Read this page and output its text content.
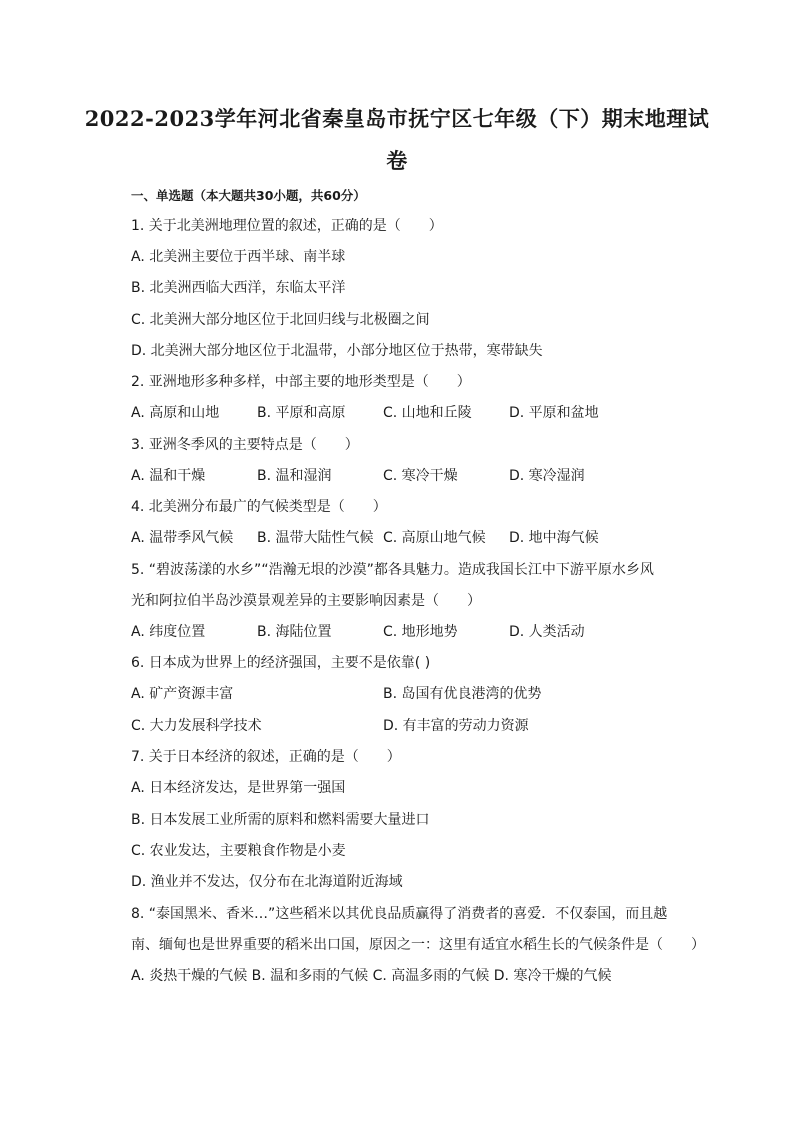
2022-2023学年河北省秦皇岛市抚宁区七年级（下）期末地理试
卷
一、单选题（本大题共30小题，共60分）
1. 关于北美洲地理位置的叙述，正确的是（　　）
A. 北美洲主要位于西半球、南半球
B. 北美洲西临大西洋，东临太平洋
C. 北美洲大部分地区位于北回归线与北极圈之间
D. 北美洲大部分地区位于北温带，小部分地区位于热带，寒带缺失
2. 亚洲地形多种多样，中部主要的地形类型是（　　）
A. 高原和山地	B. 平原和高原	C. 山地和丘陵	D. 平原和盆地
3. 亚洲冬季风的主要特点是（　　）
A. 温和干燥	B. 温和湿润	C. 寒冷干燥	D. 寒冷湿润
4. 北美洲分布最广的气候类型是（　　）
A. 温带季风气候 B. 温带大陆性气候 C. 高原山地气候 D. 地中海气候
5. “碧波荡漾的水乡”“浩瀚无垠的沙漠”都各具魅力。造成我国长江中下游平原水乡风
光和阿拉伯半岛沙漠景观差异的主要影响因素是（　　）
A. 纬度位置	B. 海陆位置	C. 地形地势	D. 人类活动
6. 日本成为世界上的经济强国，主要不是依靠( )
A. 矿产资源丰富	B. 岛国有优良港湾的优势
C. 大力发展科学技术	D. 有丰富的劳动力资源
7. 关于日本经济的叙述，正确的是（　　）
A. 日本经济发达，是世界第一强国
B. 日本发展工业所需的原料和燃料需要大量进口
C. 农业发达，主要粮食作物是小麦
D. 渔业并不发达，仅分布在北海道附近海域
8. “泰国黑米、香米…”这些稻米以其优良品质赢得了消费者的喜爱．不仅泰国，而且越
南、缅甸也是世界重要的稻米出口国，原因之一：这里有适宜水稻生长的气候条件是（　　）
A. 炎热干燥的气候 B. 温和多雨的气候 C. 高温多雨的气候 D. 寒冷干燥的气候
